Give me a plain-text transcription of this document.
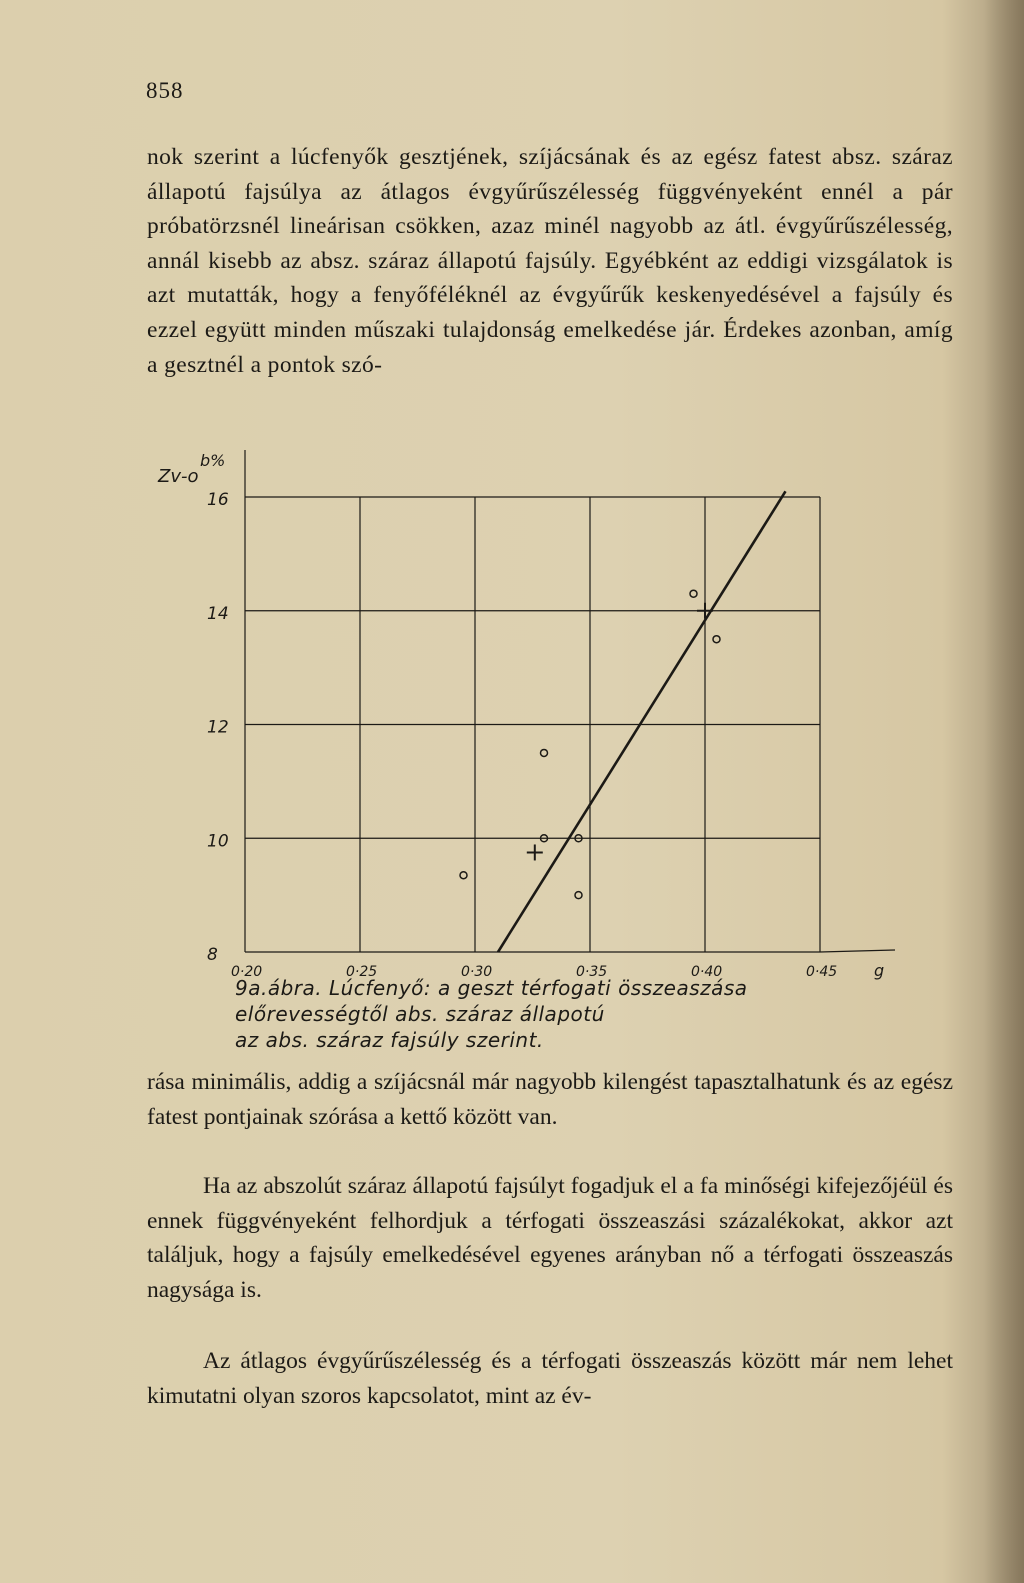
858

nok szerint a lúcfenyők gesztjének, szíjácsának és az egész fatest absz. száraz állapotú fajsúlya az átlagos évgyűrűszélesség függvényeként ennél a pár próbatörzsnél lineárisan csökken, azaz minél nagyobb az átl. évgyűrűszélesség, annál kisebb az absz. száraz állapotú fajsúly. Egyébként az eddigi vizsgálatok is azt mutatták, hogy a fenyőféléknél az évgyűrűk keskenyedésével a fajsúly és ezzel együtt minden műszaki tulajdonság emelkedése jár. Érdekes azonban, amíg a gesztnél a pontok szó-

8
10
12
14
16
0·20	0·25	0·30	0·35	0·40	0·45
Zv-o
b%
g
9a.ábra. Lúcfenyő: a geszt térfogati összeaszása előrevességtől abs. száraz állapotú
az abs. száraz fajsúly szerint.

rása minimális, addig a szíjácsnál már nagyobb kilengést tapasztalhatunk és az egész fatest pontjainak szórása a kettő között van.

Ha az abszolút száraz állapotú fajsúlyt fogadjuk el a fa minőségi kifejezőjéül és ennek függvényeként felhordjuk a térfogati összeaszási százalékokat, akkor azt találjuk, hogy a fajsúly emelkedésével egyenes arányban nő a térfogati összeaszás nagysága is.

Az átlagos évgyűrűszélesség és a térfogati összeaszás között már nem lehet kimutatni olyan szoros kapcsolatot, mint az év-
